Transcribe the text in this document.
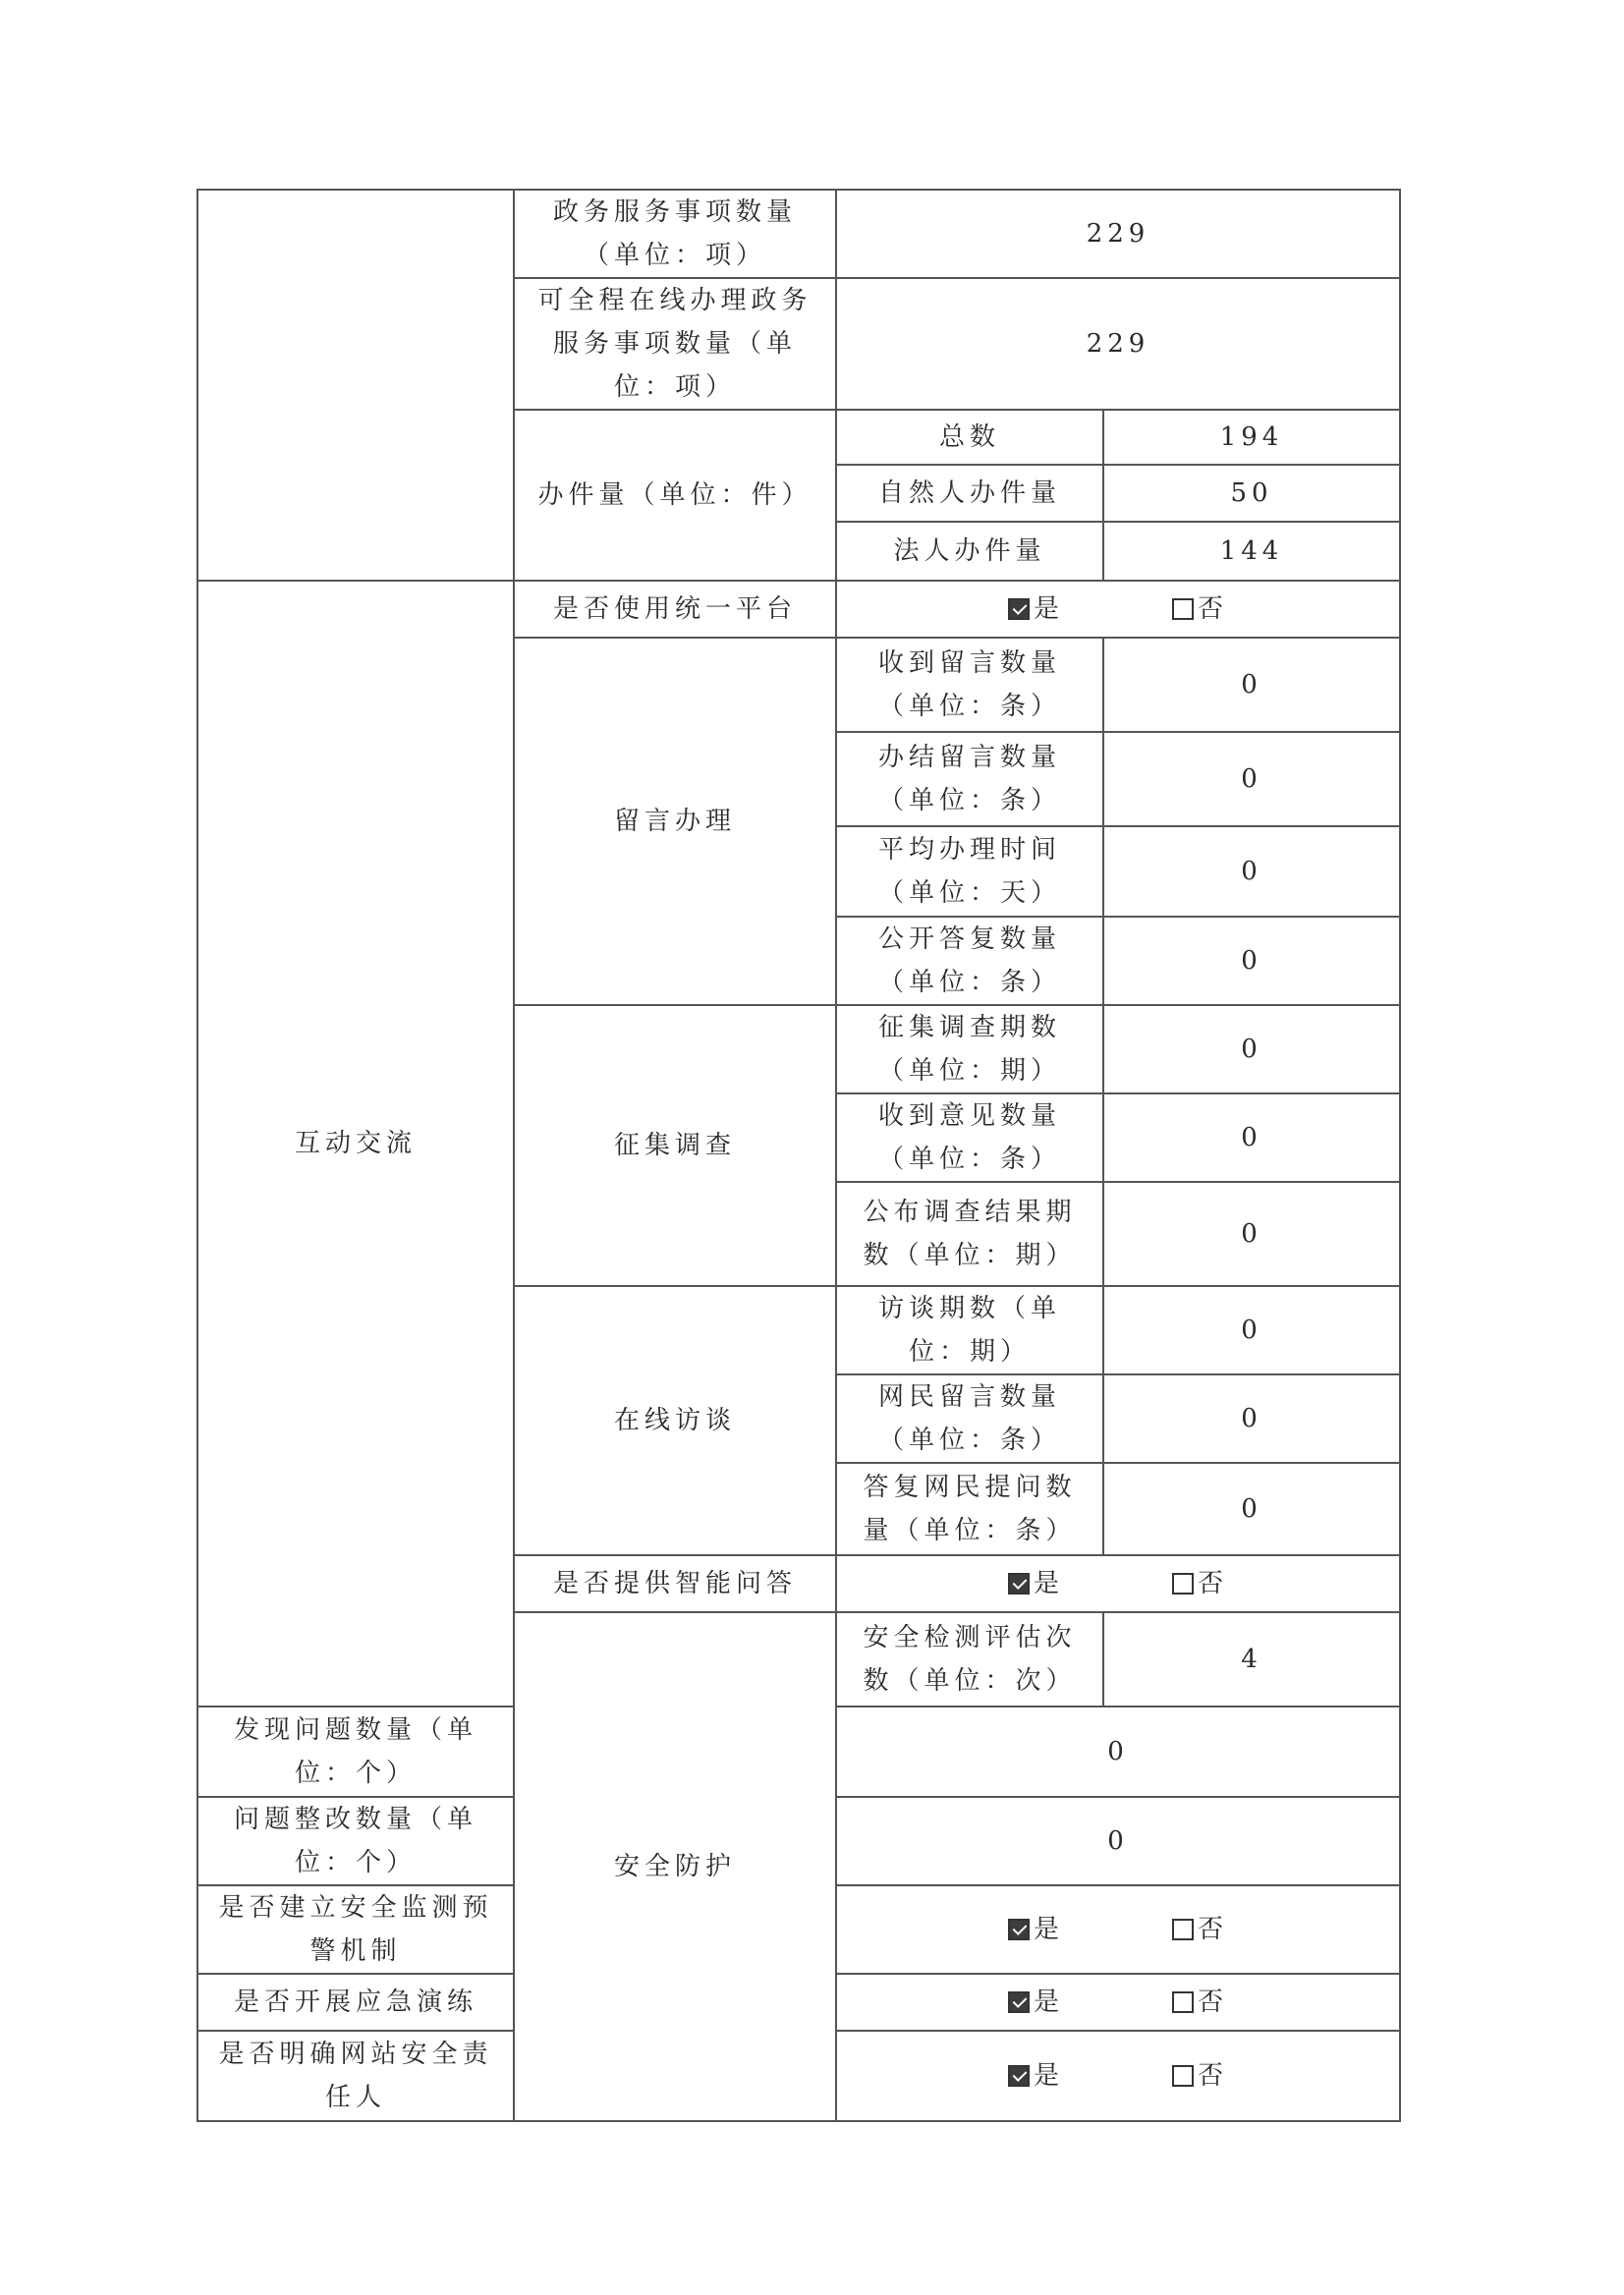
	政务服务事项数量（单位：项）	229	
	可全程在线办理政务服务事项数量（单位：项）	229	
	办件量（单位：件）	总数	194
		自然人办件量	50
		法人办件量	144
互动交流	是否使用统一平台	是 否	
	留言办理	收到留言数量（单位：条）	0
		办结留言数量（单位：条）	0
		平均办理时间（单位：天）	0
		公开答复数量（单位：条）	0
	征集调查	征集调查期数（单位：期）	0
		收到意见数量（单位：条）	0
		公布调查结果期数（单位：期）	0
	在线访谈	访谈期数（单位：期）	0
		网民留言数量（单位：条）	0
		答复网民提问数量（单位：条）	0
	是否提供智能问答	是 否	
	安全防护	安全检测评估次数（单位：次）	4
发现问题数量（单位：个）		0	
问题整改数量（单位：个）		0	
是否建立安全监测预警机制		是 否	
是否开展应急演练		是 否	
是否明确网站安全责任人		是 否	
